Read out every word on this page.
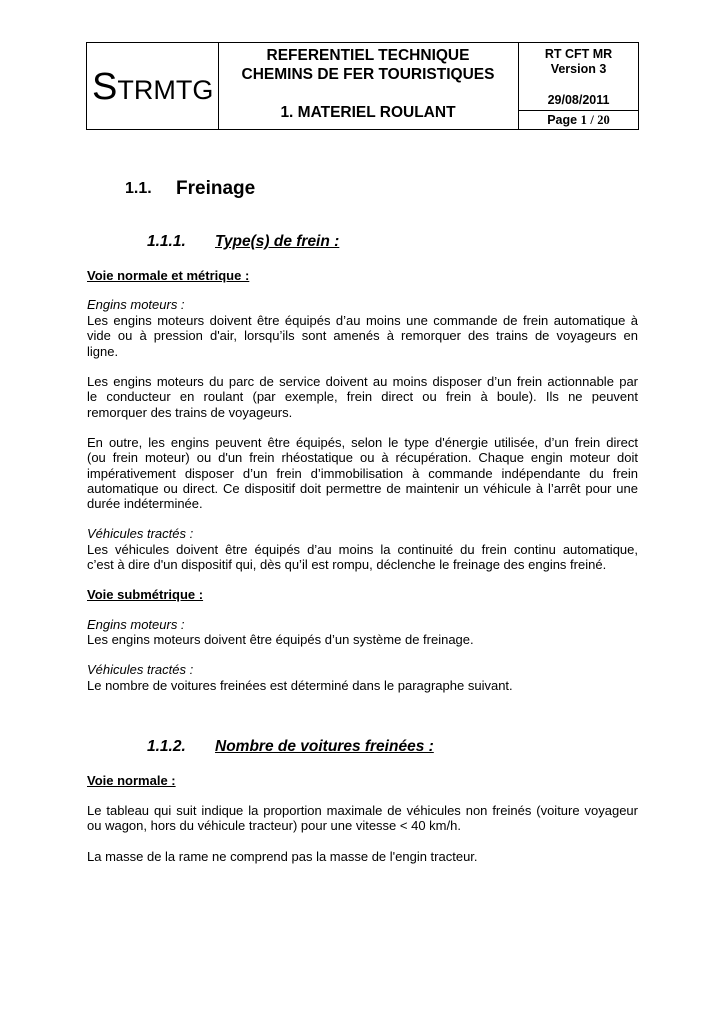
STRMTG
REFERENTIEL TECHNIQUE
CHEMINS DE FER TOURISTIQUES
1. MATERIEL ROULANT
RT CFT MR
Version 3
29/08/2011
Page 1 / 20
1.1. Freinage
1.1.1. Type(s) de frein :
Voie normale et métrique :
Engins moteurs :
Les engins moteurs doivent être équipés d’au moins une commande de frein automatique à
vide ou à pression d'air, lorsqu’ils sont amenés à remorquer des trains de voyageurs en
ligne.
Les engins moteurs du parc de service doivent au moins disposer d’un frein actionnable par
le conducteur en roulant (par exemple, frein direct ou frein à boule). Ils ne peuvent
remorquer des trains de voyageurs.
En outre, les engins peuvent être équipés, selon le type d'énergie utilisée, d’un frein direct
(ou frein moteur) ou d'un frein rhéostatique ou à récupération. Chaque engin moteur doit
impérativement disposer d’un frein d’immobilisation à commande indépendante du frein
automatique ou direct. Ce dispositif doit permettre de maintenir un véhicule à l’arrêt pour une
durée indéterminée.
Véhicules tractés :
Les véhicules doivent être équipés d’au moins la continuité du frein continu automatique,
c’est à dire d'un dispositif qui, dès qu’il est rompu, déclenche le freinage des engins freiné.
Voie submétrique :
Engins moteurs :
Les engins moteurs doivent être équipés d’un système de freinage.
Véhicules tractés :
Le nombre de voitures freinées est déterminé dans le paragraphe suivant.
1.1.2. Nombre de voitures freinées :
Voie normale :
Le tableau qui suit indique la proportion maximale de véhicules non freinés (voiture voyageur
ou wagon, hors du véhicule tracteur) pour une vitesse < 40 km/h.
La masse de la rame ne comprend pas la masse de l'engin tracteur.
